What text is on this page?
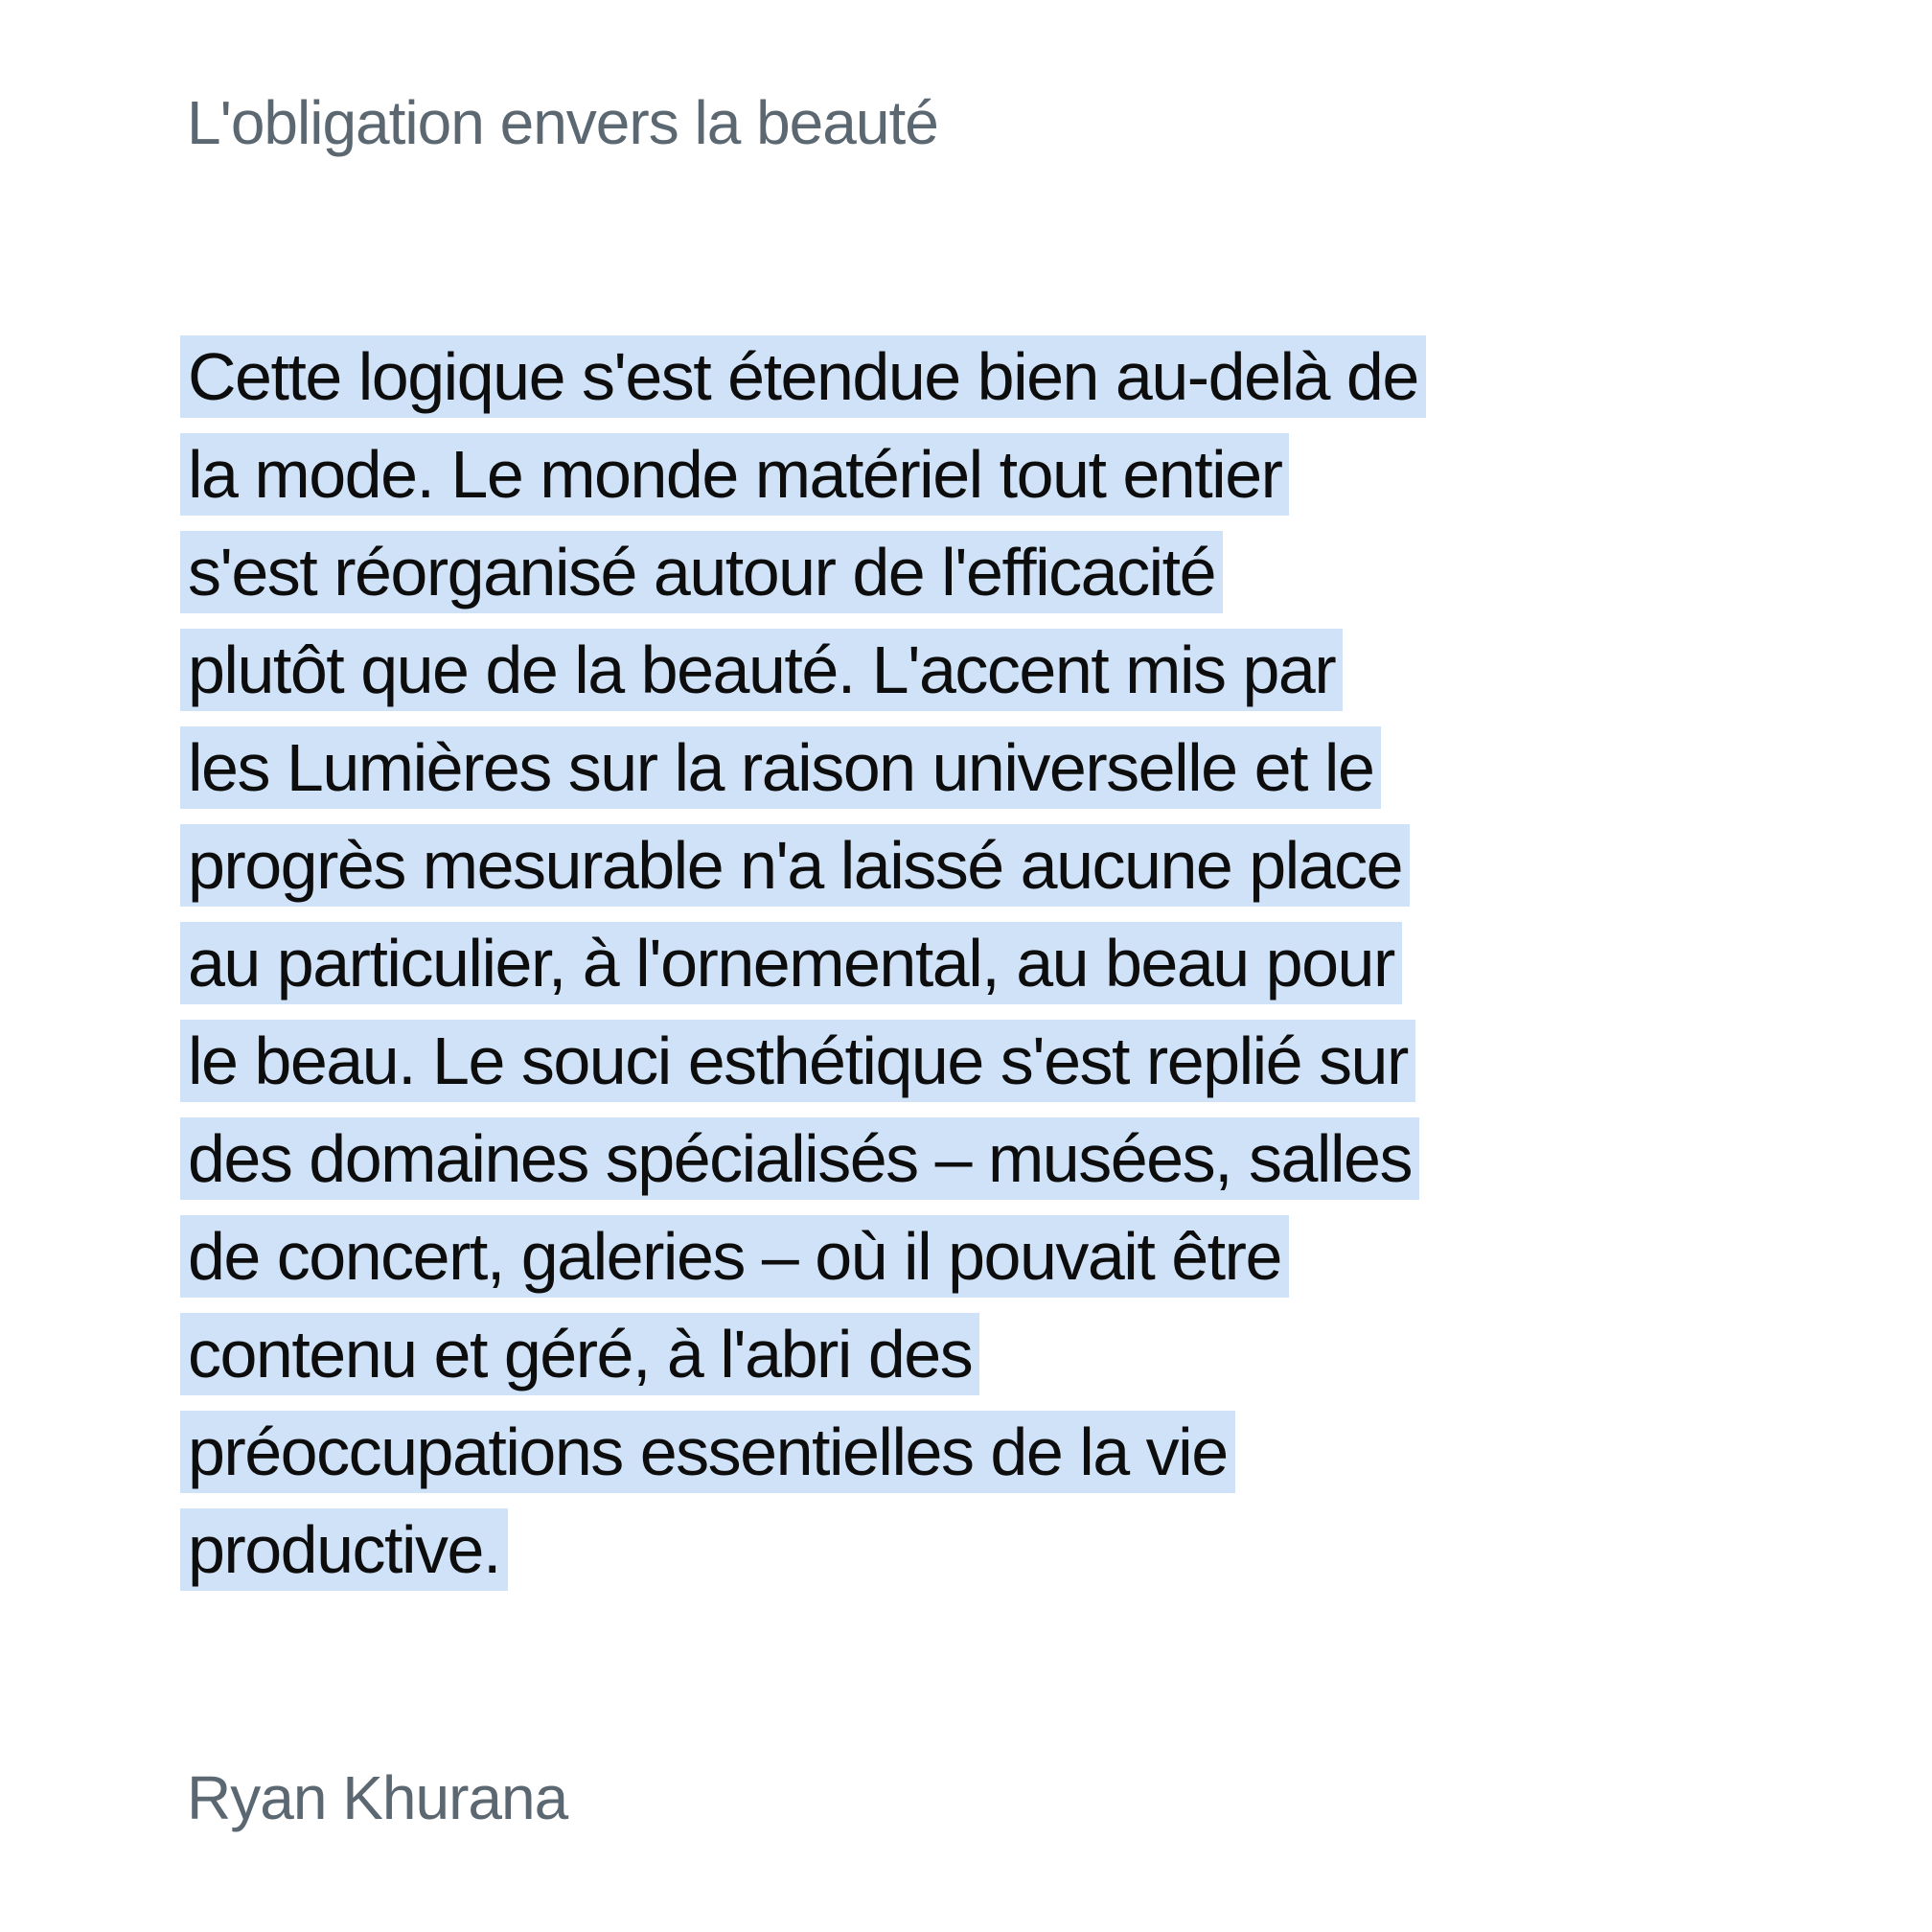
L'obligation envers la beauté
Cette logique s'est étendue bien au-delà de
la mode. Le monde matériel tout entier
s'est réorganisé autour de l'efficacité
plutôt que de la beauté. L'accent mis par
les Lumières sur la raison universelle et le
progrès mesurable n'a laissé aucune place
au particulier, à l'ornemental, au beau pour
le beau. Le souci esthétique s'est replié sur
des domaines spécialisés – musées, salles
de concert, galeries – où il pouvait être
contenu et géré, à l'abri des
préoccupations essentielles de la vie
productive.
Ryan Khurana
